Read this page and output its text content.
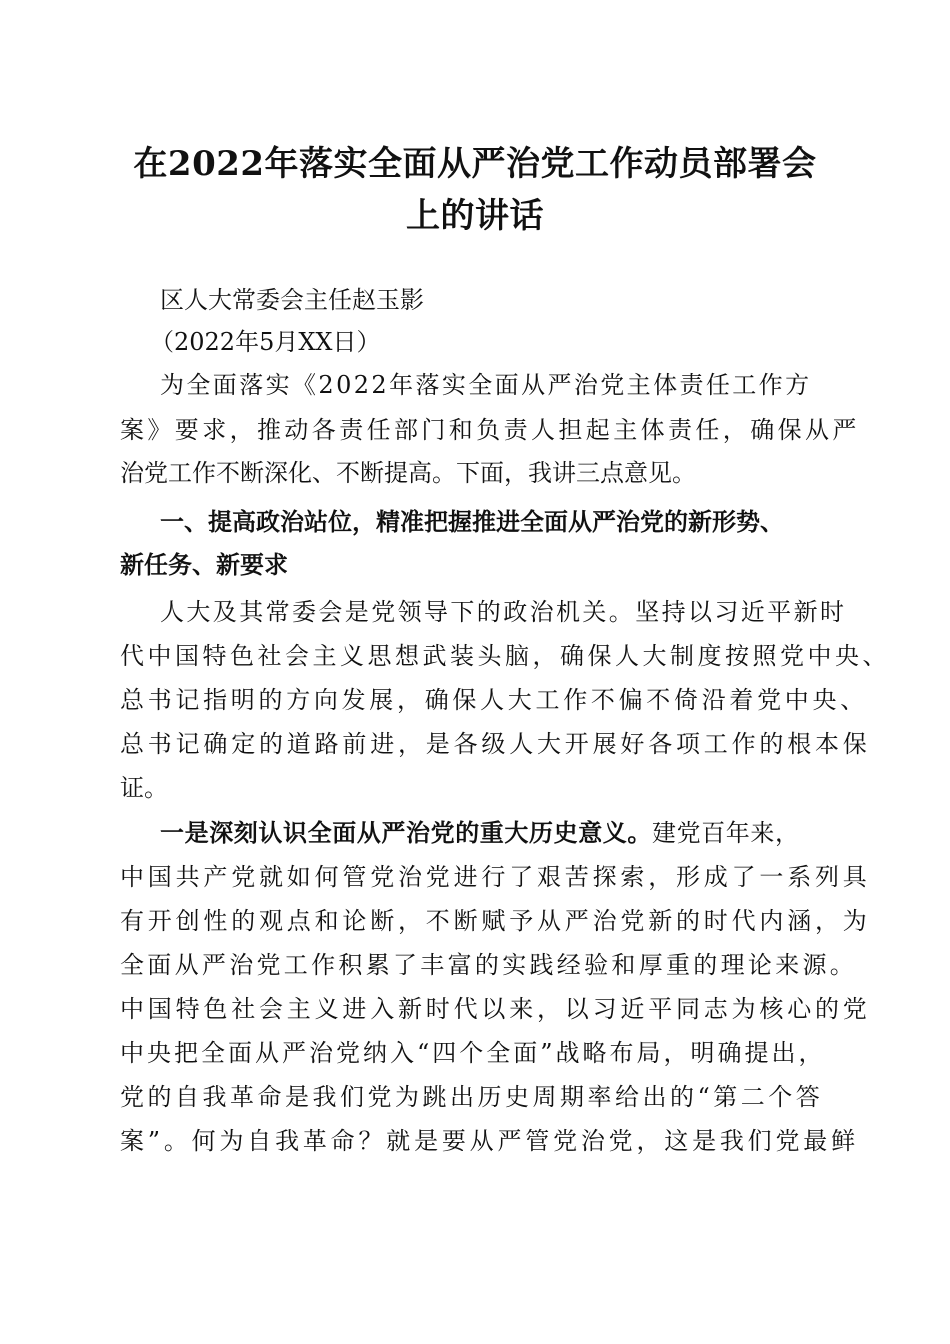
在2022年落实全面从严治党工作动员部署会
上的讲话
区人大常委会主任赵玉影
（2022年5月XX日）
为全面落实《2022年落实全面从严治党主体责任工作方
案》要求，推动各责任部门和负责人担起主体责任，确保从严
治党工作不断深化、不断提高。下面，我讲三点意见。
一、提高政治站位，精准把握推进全面从严治党的新形势、
新任务、新要求
人大及其常委会是党领导下的政治机关。坚持以习近平新时
代中国特色社会主义思想武装头脑，确保人大制度按照党中央、
总书记指明的方向发展，确保人大工作不偏不倚沿着党中央、
总书记确定的道路前进，是各级人大开展好各项工作的根本保
证。
一是深刻认识全面从严治党的重大历史意义。建党百年来，
中国共产党就如何管党治党进行了艰苦探索，形成了一系列具
有开创性的观点和论断，不断赋予从严治党新的时代内涵，为
全面从严治党工作积累了丰富的实践经验和厚重的理论来源。
中国特色社会主义进入新时代以来，以习近平同志为核心的党
中央把全面从严治党纳入“四个全面”战略布局，明确提出，
党的自我革命是我们党为跳出历史周期率给出的“第二个答
案”。何为自我革命？就是要从严管党治党，这是我们党最鲜
